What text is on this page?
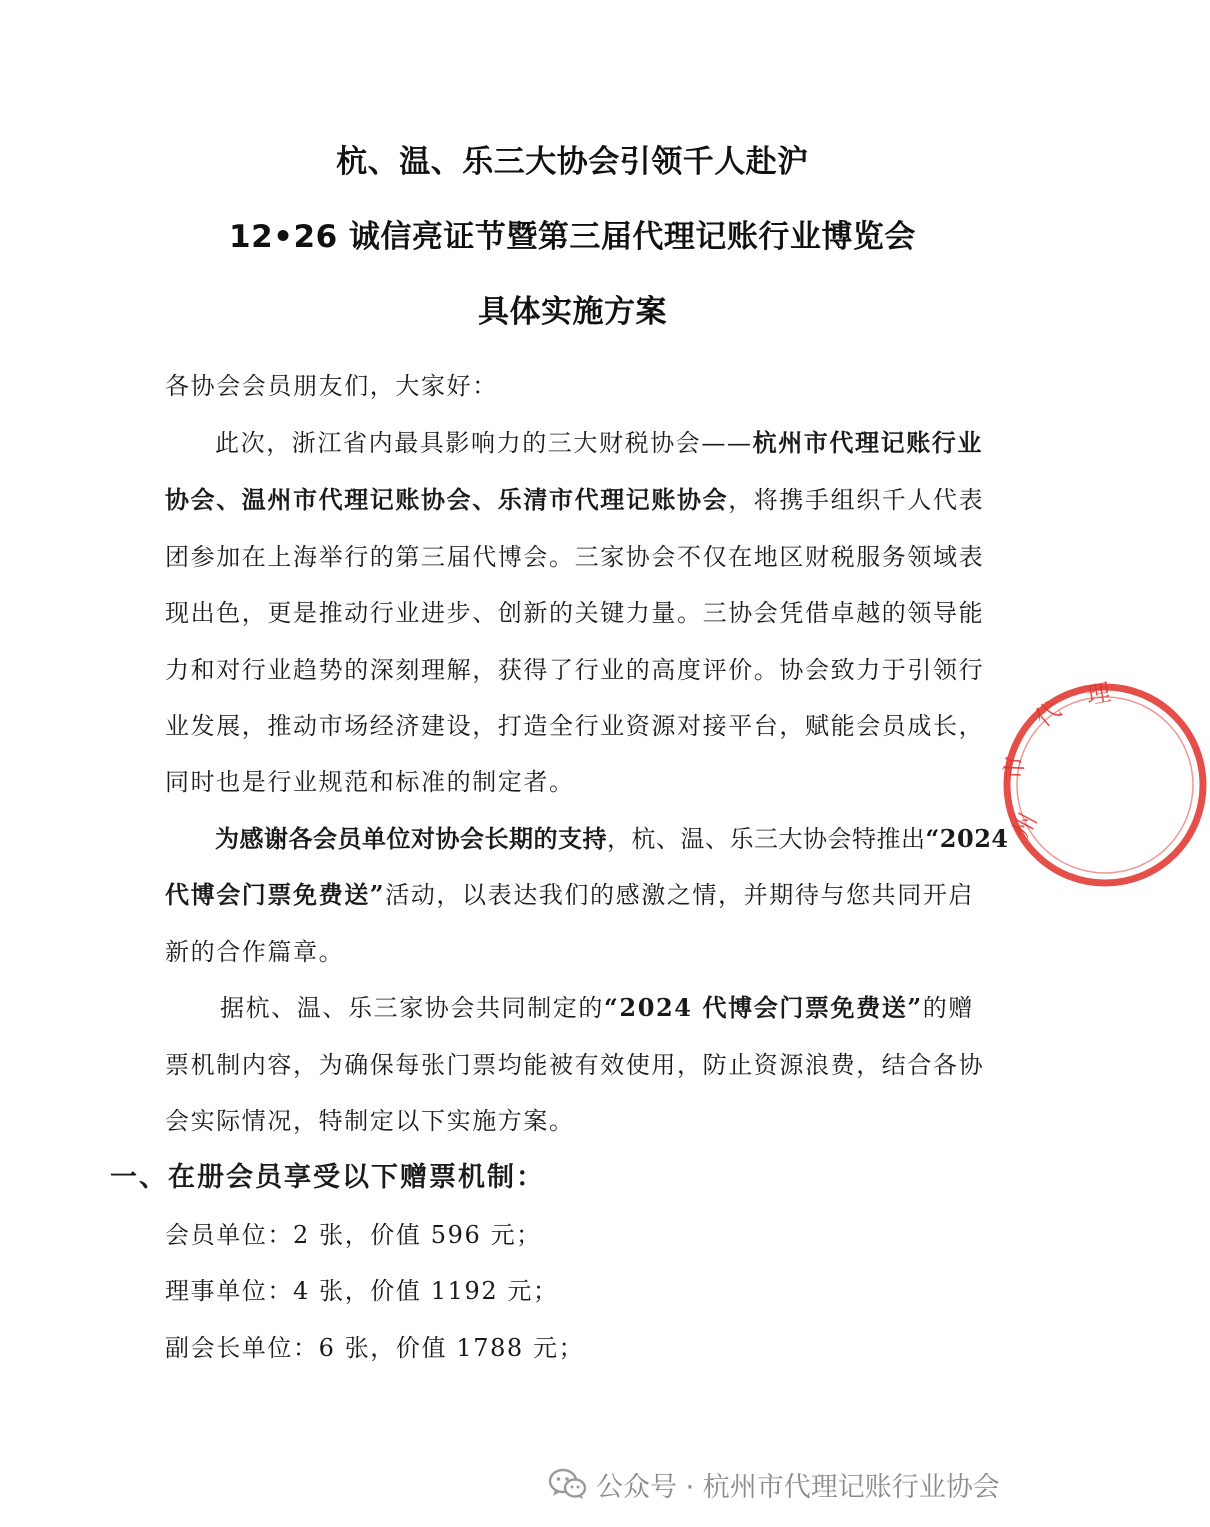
杭、温、乐三大协会引领千人赴沪
12•26 诚信亮证节暨第三届代理记账行业博览会
具体实施方案
各协会会员朋友们，大家好：
此次，浙江省内最具影响力的三大财税协会——杭州市代理记账行业
协会、温州市代理记账协会、乐清市代理记账协会，将携手组织千人代表
团参加在上海举行的第三届代博会。三家协会不仅在地区财税服务领域表
现出色，更是推动行业进步、创新的关键力量。三协会凭借卓越的领导能
力和对行业趋势的深刻理解，获得了行业的高度评价。协会致力于引领行
业发展，推动市场经济建设，打造全行业资源对接平台，赋能会员成长，
同时也是行业规范和标准的制定者。
为感谢各会员单位对协会长期的支持，杭、温、乐三大协会特推出“2024
代博会门票免费送”活动，以表达我们的感激之情，并期待与您共同开启
新的合作篇章。
据杭、温、乐三家协会共同制定的“2024 代博会门票免费送”的赠
票机制内容，为确保每张门票均能被有效使用，防止资源浪费，结合各协
会实际情况，特制定以下实施方案。
一、在册会员享受以下赠票机制：
会员单位：2 张，价值 596 元；
理事单位：4 张，价值 1192 元；
副会长单位：6 张，价值 1788 元；
州
市
代
理
公众号 · 杭州市代理记账行业协会
